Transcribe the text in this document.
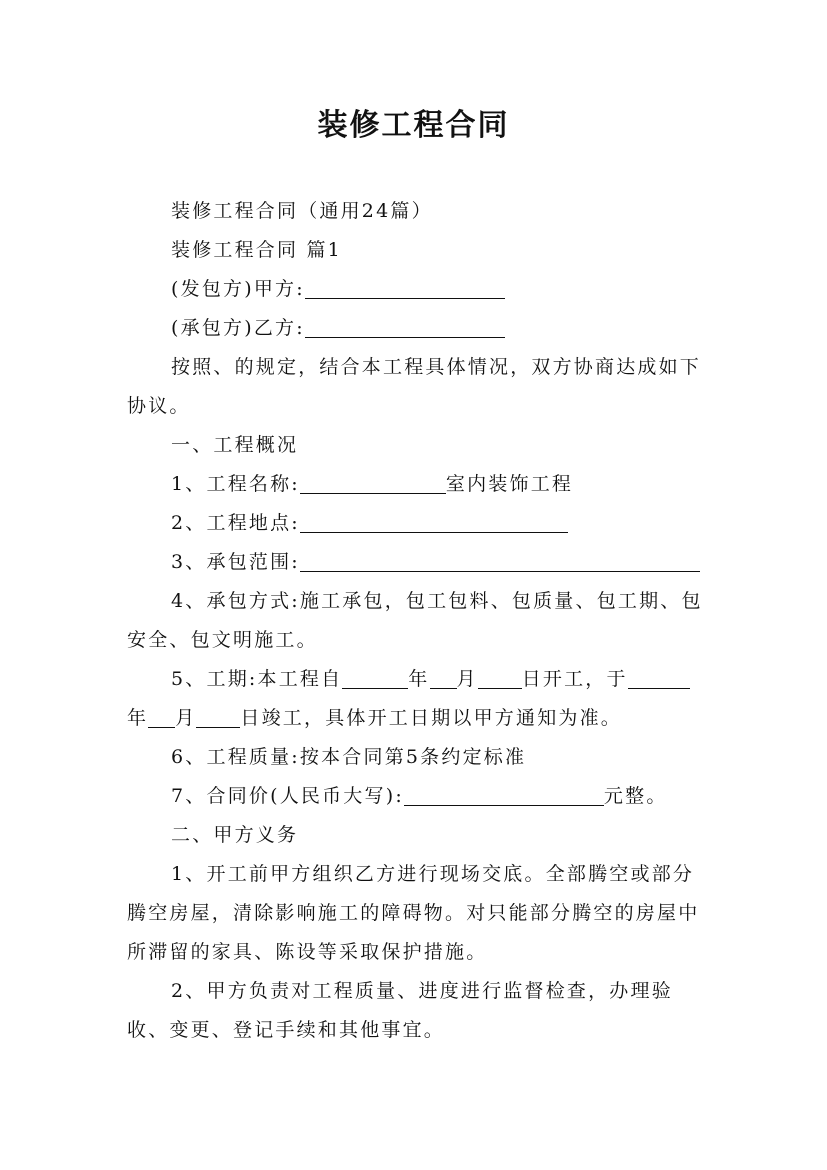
装修工程合同

装修工程合同（通用24篇）

装修工程合同 篇1

(发包方)甲方:

(承包方)乙方:

按照、的规定，结合本工程具体情况，双方协商达成如下协议。

一、工程概况

1、工程名称:	室内装饰工程

2、工程地点:

3、承包范围:

4、承包方式:施工承包，包工包料、包质量、包工期、包安全、包文明施工。

5、工期:本工程自	年 月 日开工，于年 月 日竣工，具体开工日期以甲方通知为准。

6、工程质量:按本合同第5条约定标准

7、合同价(人民币大写):	元整。

二、甲方义务

1、开工前甲方组织乙方进行现场交底。全部腾空或部分腾空房屋，清除影响施工的障碍物。对只能部分腾空的房屋中所滞留的家具、陈设等采取保护措施。

2、甲方负责对工程质量、进度进行监督检查，办理验收、变更、登记手续和其他事宜。
